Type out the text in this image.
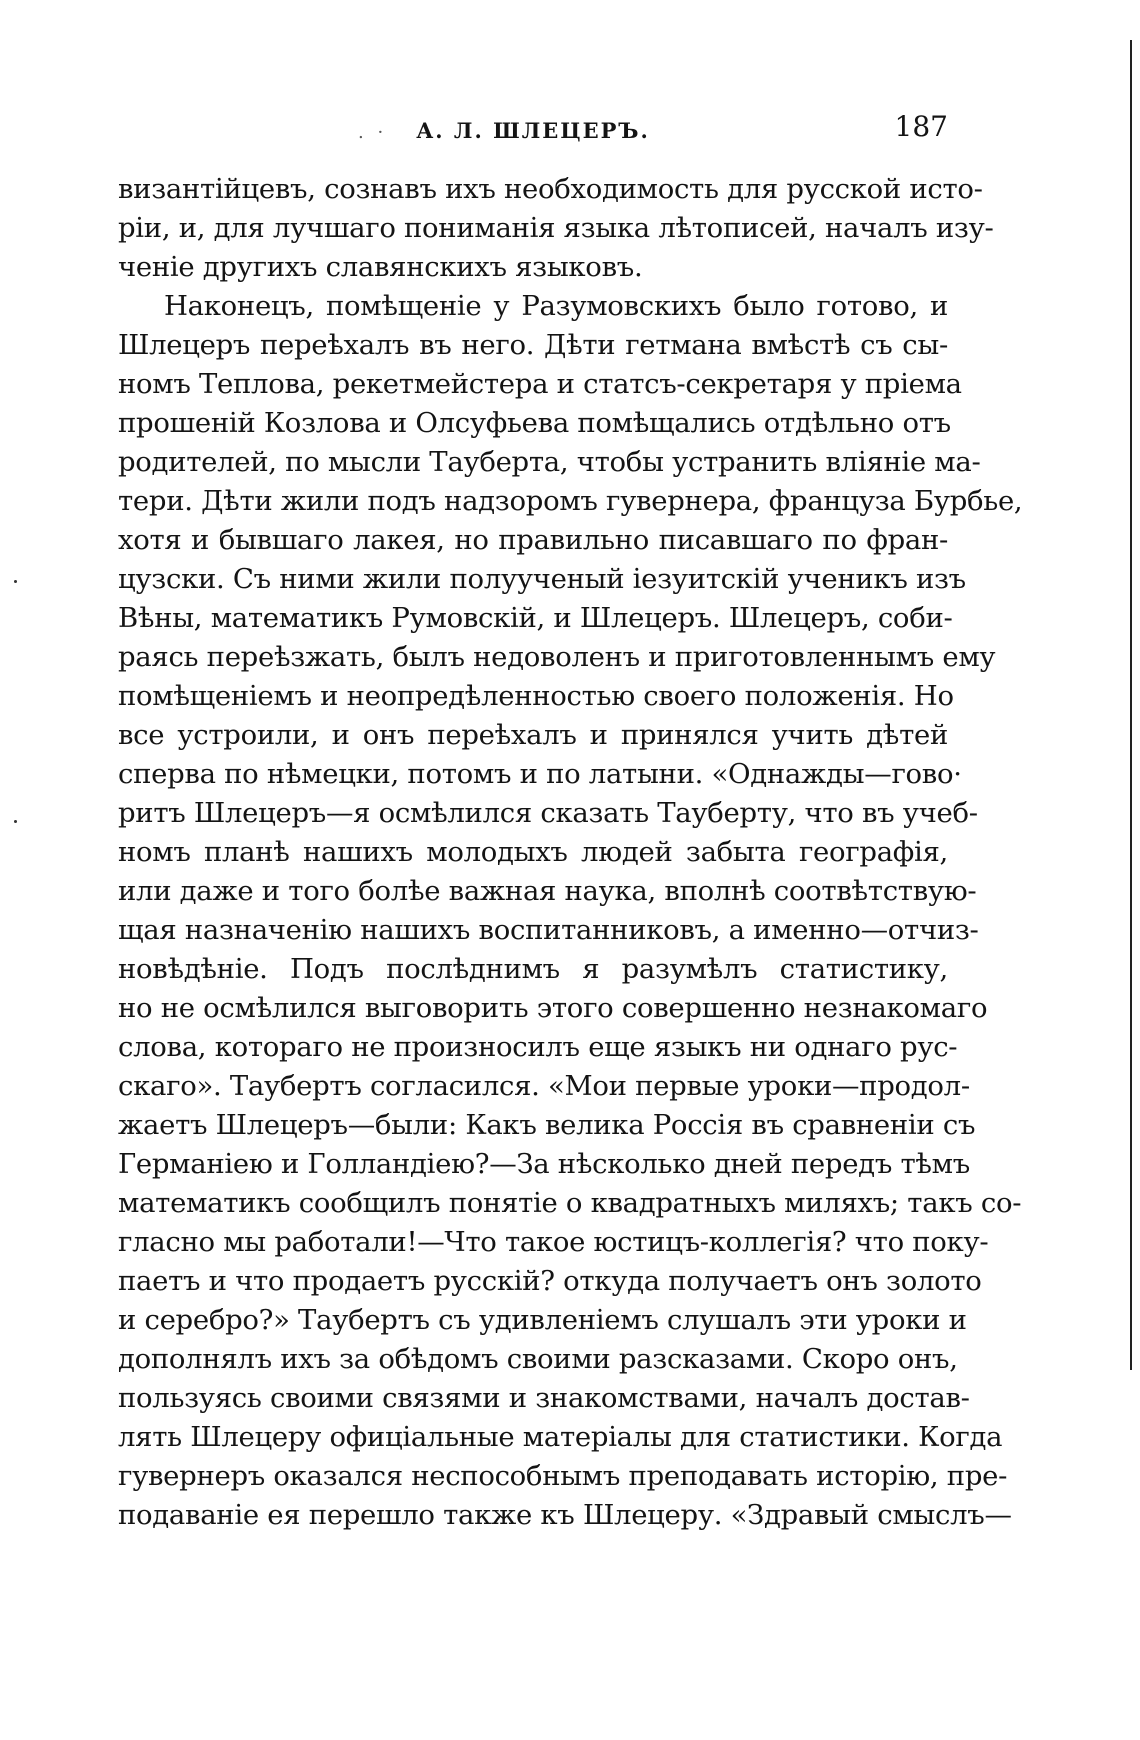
. ·	А. Л. ШЛЕЦЕРЪ.	187
византійцевъ, сознавъ ихъ необходимость для русской исто-
ріи, и, для лучшаго пониманія языка лѣтописей, началъ изу-
ченіе другихъ славянскихъ языковъ.
Наконецъ, помѣщеніе у Разумовскихъ было готово, и
Шлецеръ переѣхалъ въ него. Дѣти гетмана вмѣстѣ съ сы-
номъ Теплова, рекетмейстера и статсъ-секретаря у пріема
прошеній Козлова и Олсуфьева помѣщались отдѣльно отъ
родителей, по мысли Тауберта, чтобы устранить вліяніе ма-
тери. Дѣти жили подъ надзоромъ гувернера, француза Бурбье,
хотя и бывшаго лакея, но правильно писавшаго по фран-
цузски. Съ ними жили полуученый іезуитскій ученикъ изъ
Вѣны, математикъ Румовскій, и Шлецеръ. Шлецеръ, соби-
раясь переѣзжать, былъ недоволенъ и приготовленнымъ ему
помѣщеніемъ и неопредѣленностью своего положенія. Но
все устроили, и онъ переѣхалъ и принялся учить дѣтей
сперва по нѣмецки, потомъ и по латыни. «Однажды—гово·
ритъ Шлецеръ—я осмѣлился сказать Тауберту, что въ учеб-
номъ планѣ нашихъ молодыхъ людей забыта географія,
или даже и того болѣе важная наука, вполнѣ соотвѣтствую-
щая назначенію нашихъ воспитанниковъ, а именно—отчиз-
новѣдѣніе. Подъ послѣднимъ я разумѣлъ статистику,
но не осмѣлился выговорить этого совершенно незнакомаго
слова, котораго не произносилъ еще языкъ ни однаго рус-
скаго». Таубертъ согласился. «Мои первые уроки—продол-
жаетъ Шлецеръ—были: Какъ велика Россія въ сравненіи съ
Германіею и Голландіею?—За нѣсколько дней передъ тѣмъ
математикъ сообщилъ понятіе о квадратныхъ миляхъ; такъ со-
гласно мы работали!—Что такое юстицъ-коллегія? что поку-
паетъ и что продаетъ русскій? откуда получаетъ онъ золото
и серебро?» Таубертъ съ удивленіемъ слушалъ эти уроки и
дополнялъ ихъ за обѣдомъ своими разсказами. Скоро онъ,
пользуясь своими связями и знакомствами, началъ достав-
лять Шлецеру офиціальные матеріалы для статистики. Когда
гувернеръ оказался неспособнымъ преподавать исторію, пре-
подаваніе ея перешло также къ Шлецеру. «Здравый смыслъ—
